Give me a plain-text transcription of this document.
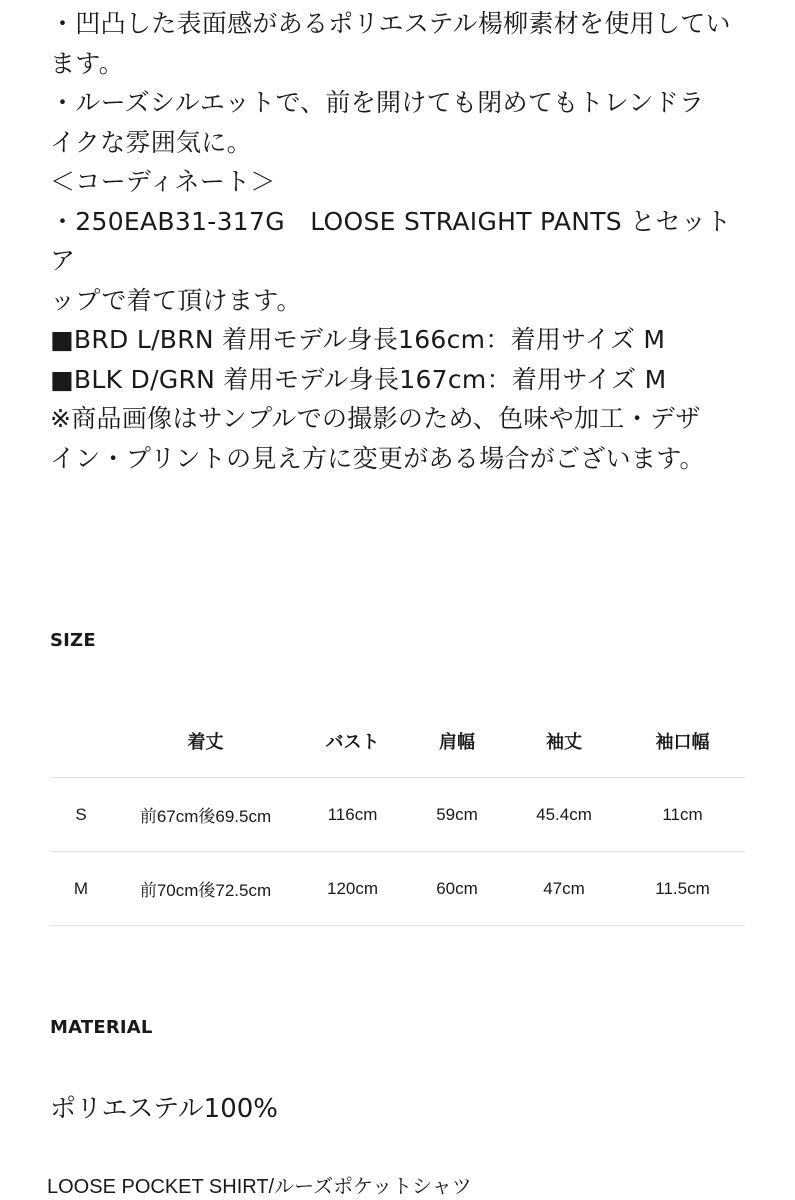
・凹凸した表面感があるポリエステル楊柳素材を使用してい

ます。

・ルーズシルエットで、前を開けても閉めてもトレンドラ

イクな雰囲気に。

＜コーディネート＞

・250EAB31-317G　LOOSE STRAIGHT PANTS とセットア

ップで着て頂けます。

■BRD L/BRN 着用モデル身長166cm：着用サイズ M

■BLK D/GRN 着用モデル身長167cm：着用サイズ M

※商品画像はサンプルでの撮影のため、色味や加工・デザ

イン・プリントの見え方に変更がある場合がございます。

SIZE
	着丈	バスト	肩幅	袖丈	袖口幅
S	前67cm後69.5cm	116cm	59cm	45.4cm	11cm
M	前70cm後72.5cm	120cm	60cm	47cm	11.5cm
MATERIAL
ポリエステル100%
LOOSE POCKET SHIRT/ルーズポケットシャツ
